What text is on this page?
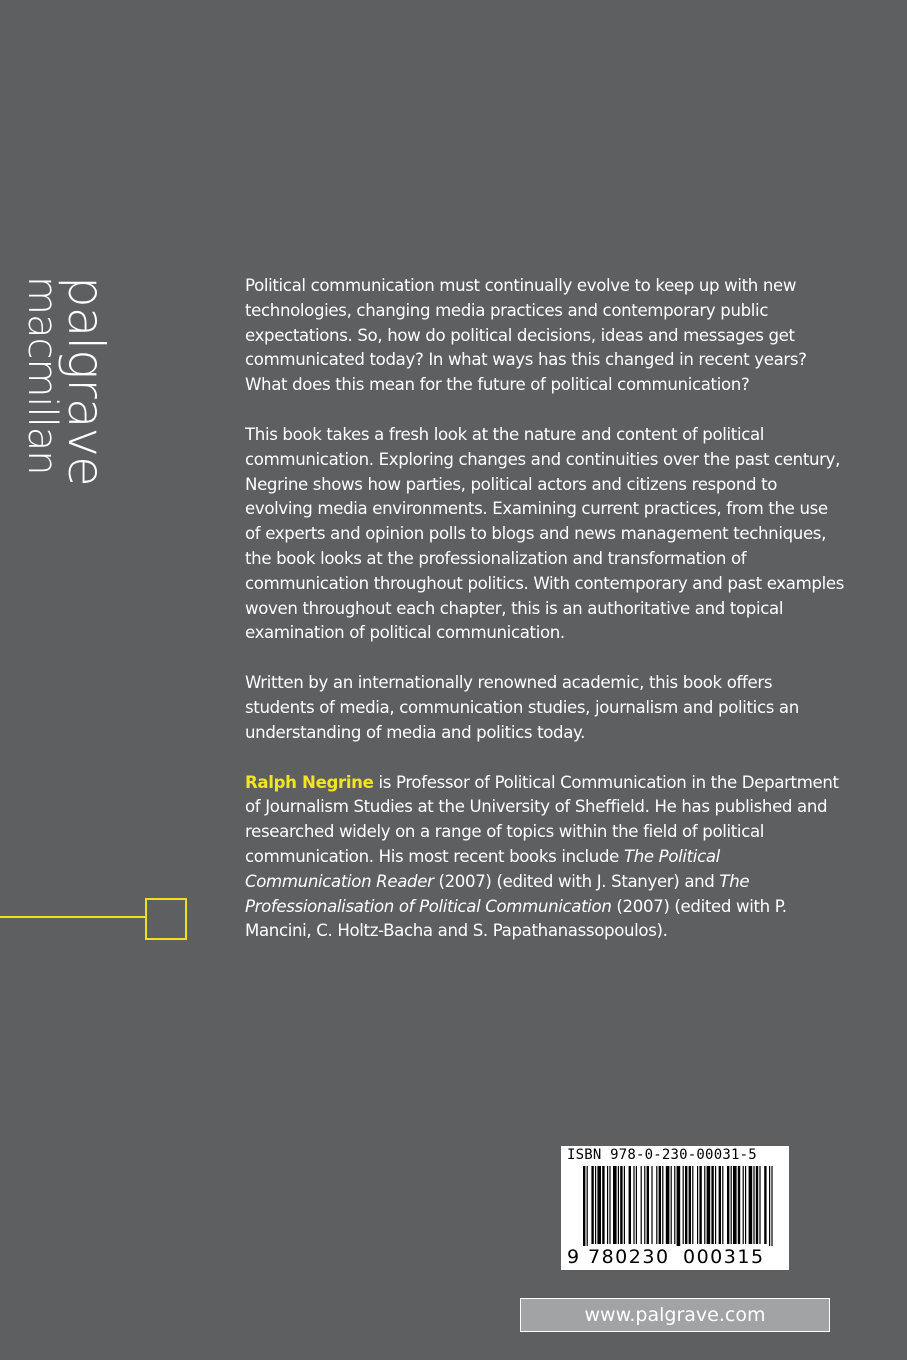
palgrave
macmillan	Political communication must continually evolve to keep up with new technologies, changing media practices and contemporary public expectations. So, how do political decisions, ideas and messages get communicated today? In what ways has this changed in recent years? What does this mean for the future of political communication?

This book takes a fresh look at the nature and content of political communication. Exploring changes and continuities over the past century, Negrine shows how parties, political actors and citizens respond to evolving media environments. Examining current practices, from the use of experts and opinion polls to blogs and news management techniques, the book looks at the professionalization and transformation of communication throughout politics. With contemporary and past examples woven throughout each chapter, this is an authoritative and topical examination of political communication.

Written by an internationally renowned academic, this book offers students of media, communication studies, journalism and politics an understanding of media and politics today.

Ralph Negrine is Professor of Political Communication in the Department of Journalism Studies at the University of Sheffield. He has published and researched widely on a range of topics within the field of political communication. His most recent books include The Political Communication Reader (2007) (edited with J. Stanyer) and The Professionalisation of Political Communication (2007) (edited with P. Mancini, C. Holtz-Bacha and S. Papathanassopoulos).

ISBN 978-0-230-00031-5
9 780230 000315
www.palgrave.com
